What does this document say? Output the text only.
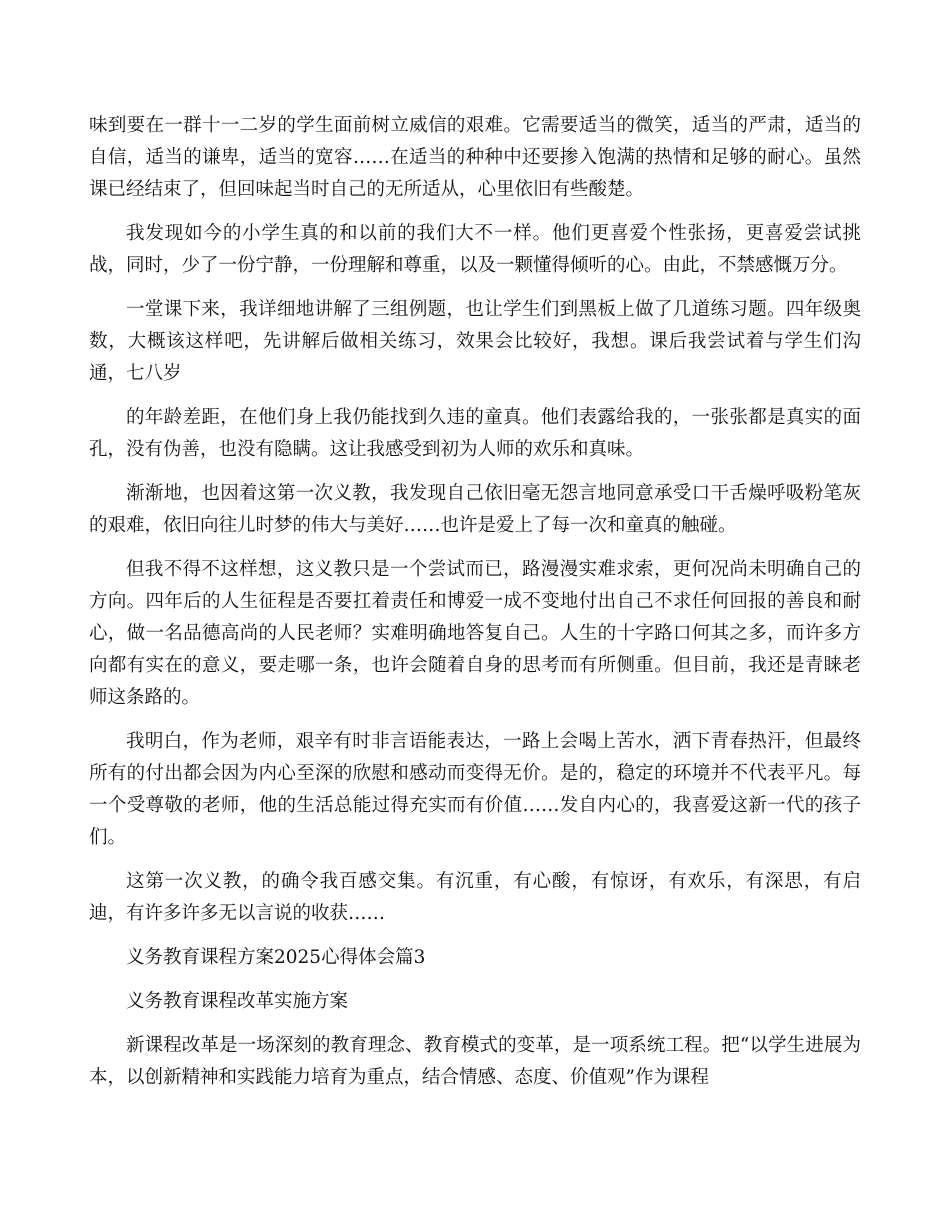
味到要在一群十一二岁的学生面前树立威信的艰难。它需要适当的微笑，适当的严肃，适当的自信，适当的谦卑，适当的宽容……在适当的种种中还要掺入饱满的热情和足够的耐心。虽然课已经结束了，但回味起当时自己的无所适从，心里依旧有些酸楚。

我发现如今的小学生真的和以前的我们大不一样。他们更喜爱个性张扬，更喜爱尝试挑战，同时，少了一份宁静，一份理解和尊重，以及一颗懂得倾听的心。由此，不禁感慨万分。

一堂课下来，我详细地讲解了三组例题，也让学生们到黑板上做了几道练习题。四年级奥数，大概该这样吧，先讲解后做相关练习，效果会比较好，我想。课后我尝试着与学生们沟通，七八岁

的年龄差距，在他们身上我仍能找到久违的童真。他们表露给我的，一张张都是真实的面孔，没有伪善，也没有隐瞒。这让我感受到初为人师的欢乐和真味。

渐渐地，也因着这第一次义教，我发现自己依旧毫无怨言地同意承受口干舌燥呼吸粉笔灰的艰难，依旧向往儿时梦的伟大与美好……也许是爱上了每一次和童真的触碰。

但我不得不这样想，这义教只是一个尝试而已，路漫漫实难求索，更何况尚未明确自己的方向。四年后的人生征程是否要扛着责任和博爱一成不变地付出自己不求任何回报的善良和耐心，做一名品德高尚的人民老师？实难明确地答复自己。人生的十字路口何其之多，而许多方向都有实在的意义，要走哪一条，也许会随着自身的思考而有所侧重。但目前，我还是青睐老师这条路的。

我明白，作为老师，艰辛有时非言语能表达，一路上会喝上苦水，洒下青春热汗，但最终所有的付出都会因为内心至深的欣慰和感动而变得无价。是的，稳定的环境并不代表平凡。每一个受尊敬的老师，他的生活总能过得充实而有价值……发自内心的，我喜爱这新一代的孩子们。

这第一次义教，的确令我百感交集。有沉重，有心酸，有惊讶，有欢乐，有深思，有启迪，有许多许多无以言说的收获……

义务教育课程方案2025心得体会篇3

义务教育课程改革实施方案

新课程改革是一场深刻的教育理念、教育模式的变革，是一项系统工程。把“以学生进展为本，以创新精神和实践能力培育为重点，结合情感、态度、价值观”作为课程
